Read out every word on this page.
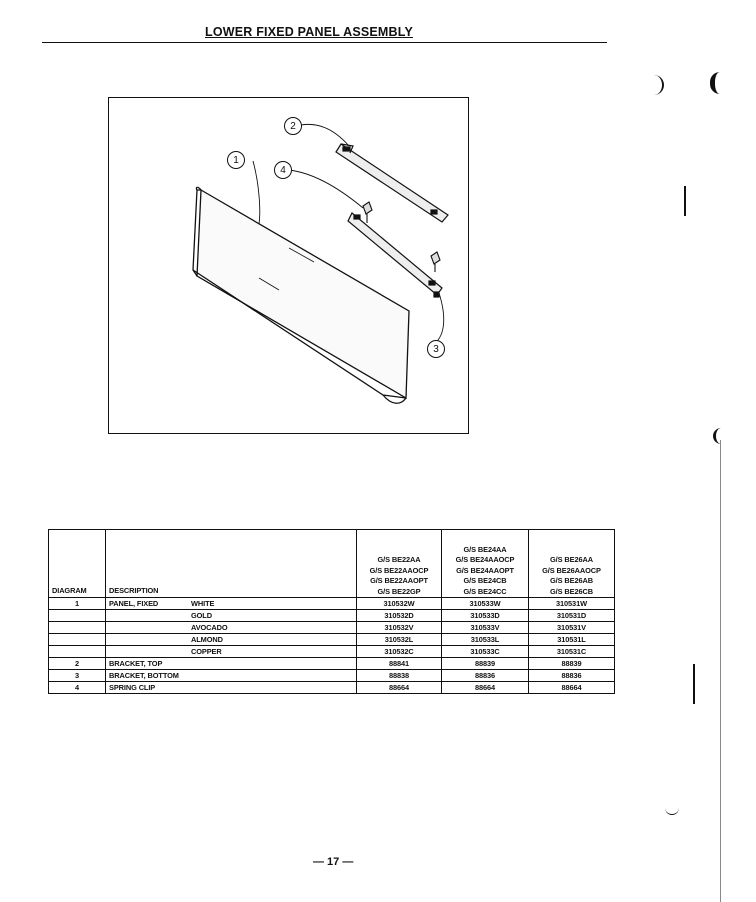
LOWER FIXED PANEL ASSEMBLY
1
2
4
3
DIAGRAM	DESCRIPTION	G/S BE22AA
G/S BE22AAOCP
G/S BE22AAOPT
G/S BE22GP	G/S BE24AA
G/S BE24AAOCP
G/S BE24AAOPT
G/S BE24CB
G/S BE24CC	G/S BE26AA
G/S BE26AAOCP
G/S BE26AB
G/S BE26CB

1	PANEL, FIXED WHITE	310532W	310533W	310531W

	GOLD	310532D	310533D	310531D

	AVOCADO	310532V	310533V	310531V

	ALMOND	310532L	310533L	310531L

	COPPER	310532C	310533C	310531C
2	BRACKET, TOP	88841	88839	88839
3	BRACKET, BOTTOM	88838	88836	88836
4	SPRING CLIP	88664	88664	88664
— 17 —
